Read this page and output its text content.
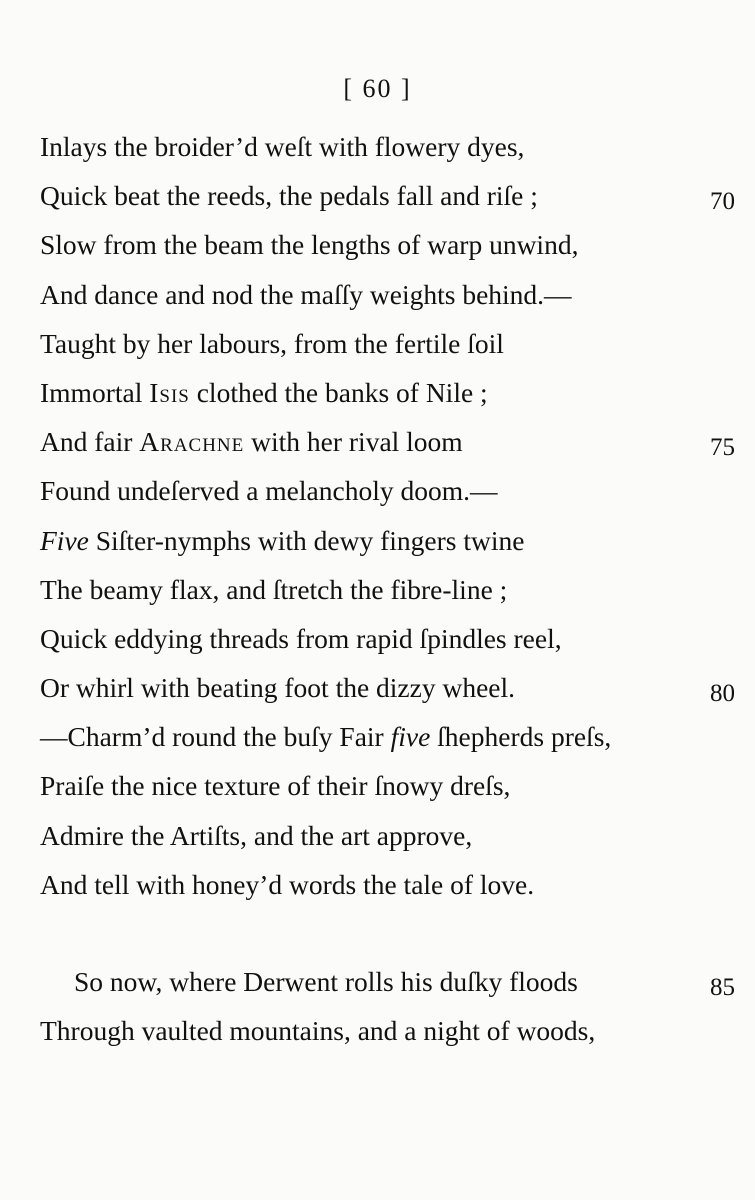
[ 60 ]
Inlays the broider’d weſt with flowery dyes,
Quick beat the reeds, the pedals fall and riſe ;	70
Slow from the beam the lengths of warp unwind,
And dance and nod the maſſy weights behind.—
Taught by her labours, from the fertile ſoil
Immortal Isis clothed the banks of Nile ;
And fair Arachne with her rival loom	75
Found undeſerved a melancholy doom.—
Five Siſter-nymphs with dewy fingers twine
The beamy flax, and ſtretch the fibre-line ;
Quick eddying threads from rapid ſpindles reel,
Or whirl with beating foot the dizzy wheel.	80
—Charm’d round the buſy Fair five ſhepherds preſs,
Praiſe the nice texture of their ſnowy dreſs,
Admire the Artiſts, and the art approve,
And tell with honey’d words the tale of love.
So now, where Derwent rolls his duſky floods	85
Through vaulted mountains, and a night of woods,
